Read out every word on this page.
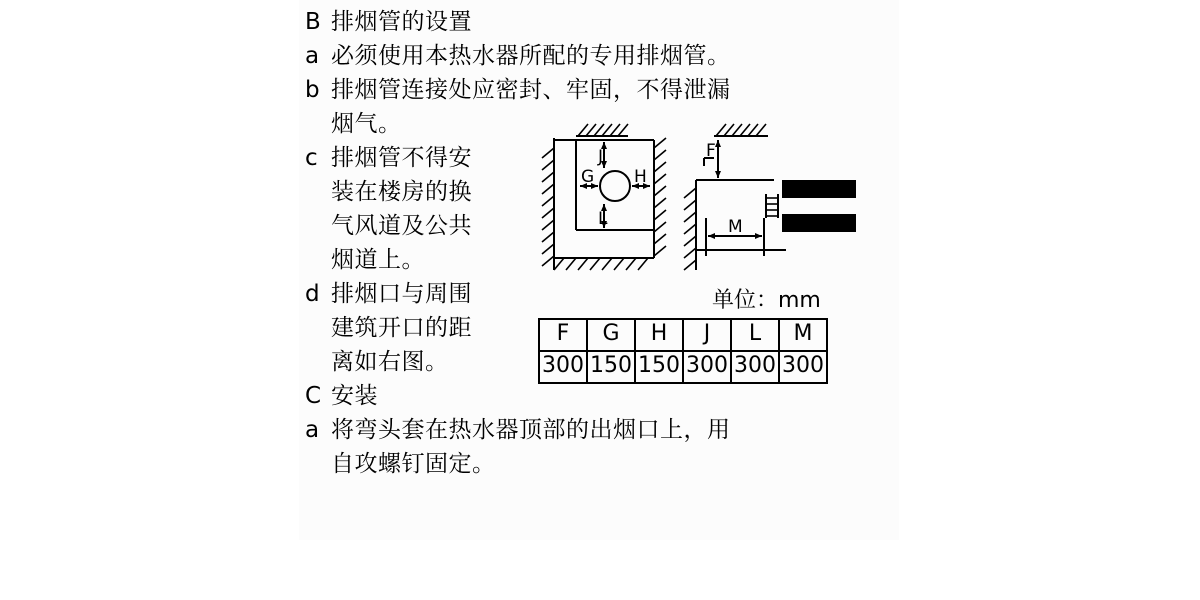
B 排烟管的设置
a 必须使用本热水器所配的专用排烟管。
b 排烟管连接处应密封、牢固，不得泄漏
烟气。
c 排烟管不得安
装在楼房的换
气风道及公共
烟道上。
d 排烟口与周围
建筑开口的距
离如右图。
C 安装
a 将弯头套在热水器顶部的出烟口上，用
自攻螺钉固定。
J
G H
L
F
M
单位：mm
F	G	H	J	L	M
300	150	150	300	300	300
